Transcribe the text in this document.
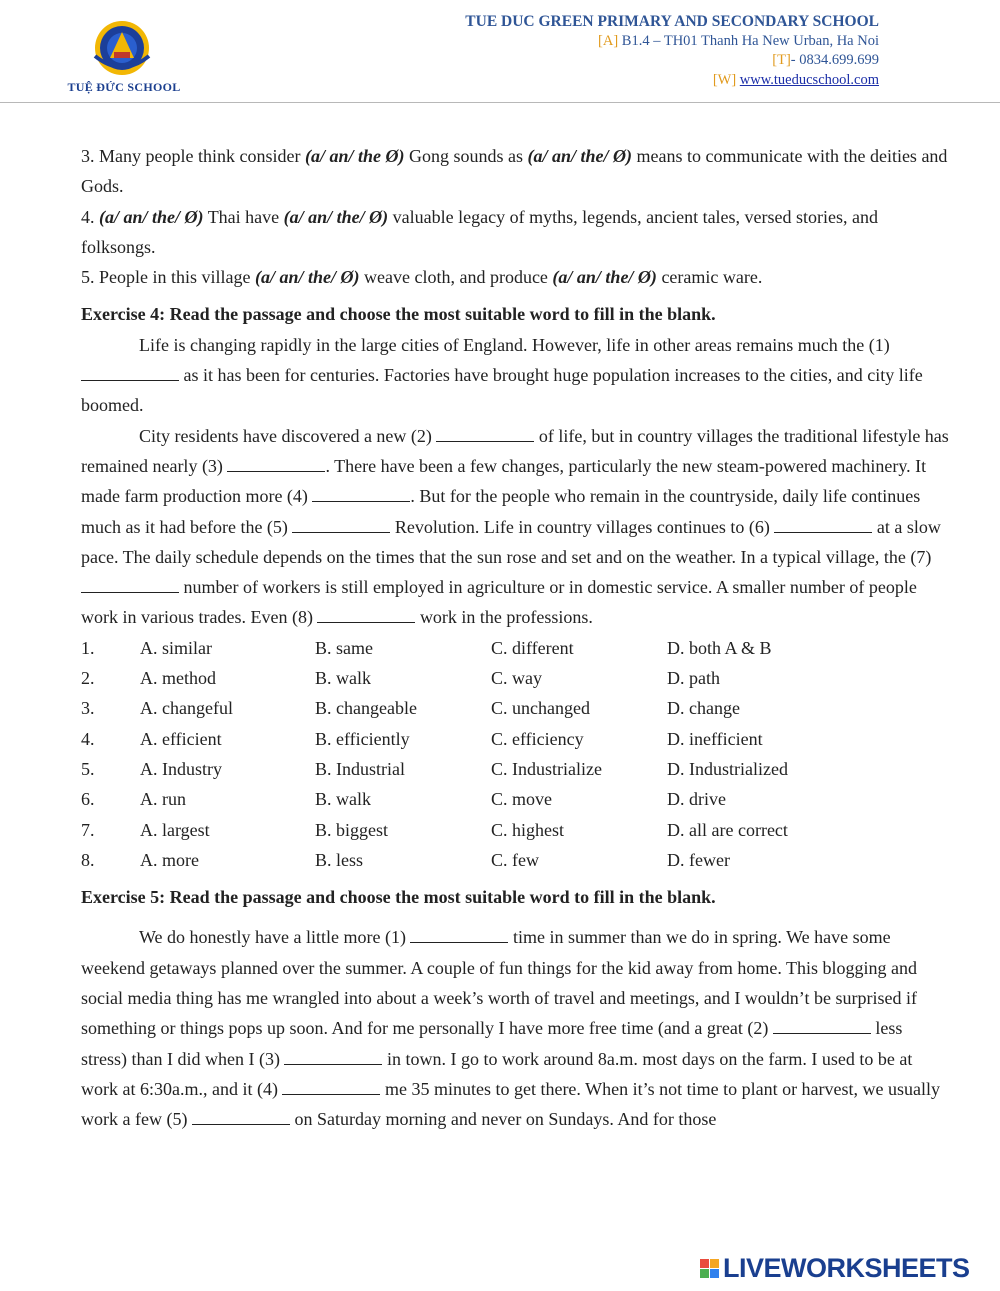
TUỆ ĐỨC SCHOOL
TUE DUC GREEN PRIMARY AND SECONDARY SCHOOL
[A] B1.4 – TH01 Thanh Ha New Urban, Ha Noi
[T]- 0834.699.699
[W] www.tueducschool.com

3. Many people think consider (a/ an/ the Ø) Gong sounds as (a/ an/ the/ Ø) means to communicate with the deities and Gods.

4. (a/ an/ the/ Ø) Thai have (a/ an/ the/ Ø) valuable legacy of myths, legends, ancient tales, versed stories, and folksongs.

5. People in this village (a/ an/ the/ Ø) weave cloth, and produce (a/ an/ the/ Ø) ceramic ware.

Exercise 4: Read the passage and choose the most suitable word to fill in the blank.

Life is changing rapidly in the large cities of England. However, life in other areas remains much the (1)  as it has been for centuries. Factories have brought huge population increases to the cities, and city life boomed.

City residents have discovered a new (2)	of life, but in country villages the traditional lifestyle has remained nearly (3)	. There have been a few changes, particularly the new steam-powered machinery. It made farm production more (4)	. But for the people who remain in the countryside, daily life continues much as it had before the (5)	Revolution. Life in country villages continues to (6)	at a slow pace. The daily schedule depends on the times that the sun rose and set and on the weather. In a typical village, the (7)  number of workers is still employed in agriculture or in domestic service. A smaller number of people work in various trades. Even (8)	work in the professions.

1.	A. similar	B. same	C. different	D. both A & B
2.	A. method	B. walk	C. way	D. path
3.	A. changeful	B. changeable	C. unchanged	D. change
4.	A. efficient	B. efficiently	C. efficiency	D. inefficient
5.	A. Industry	B. Industrial	C. Industrialize	D. Industrialized
6.	A. run	B. walk	C. move	D. drive
7.	A. largest	B. biggest	C. highest	D. all are correct
8.	A. more	B. less	C. few	D. fewer

Exercise 5: Read the passage and choose the most suitable word to fill in the blank.

We do honestly have a little more (1)	time in summer than we do in spring. We have some weekend getaways planned over the summer. A couple of fun things for the kid away from home. This blogging and social media thing has me wrangled into about a week’s worth of travel and meetings, and I wouldn’t be surprised if something or things pops up soon. And for me personally I have more free time (and a great (2)	less stress) than I did when I (3)	in town. I go to work around 8a.m. most days on the farm. I used to be at work at 6:30a.m., and it (4)	me 35 minutes to get there. When it’s not time to plant or harvest, we usually work a few (5)	on Saturday morning and never on Sundays. And for those

LIVEWORKSHEETS
